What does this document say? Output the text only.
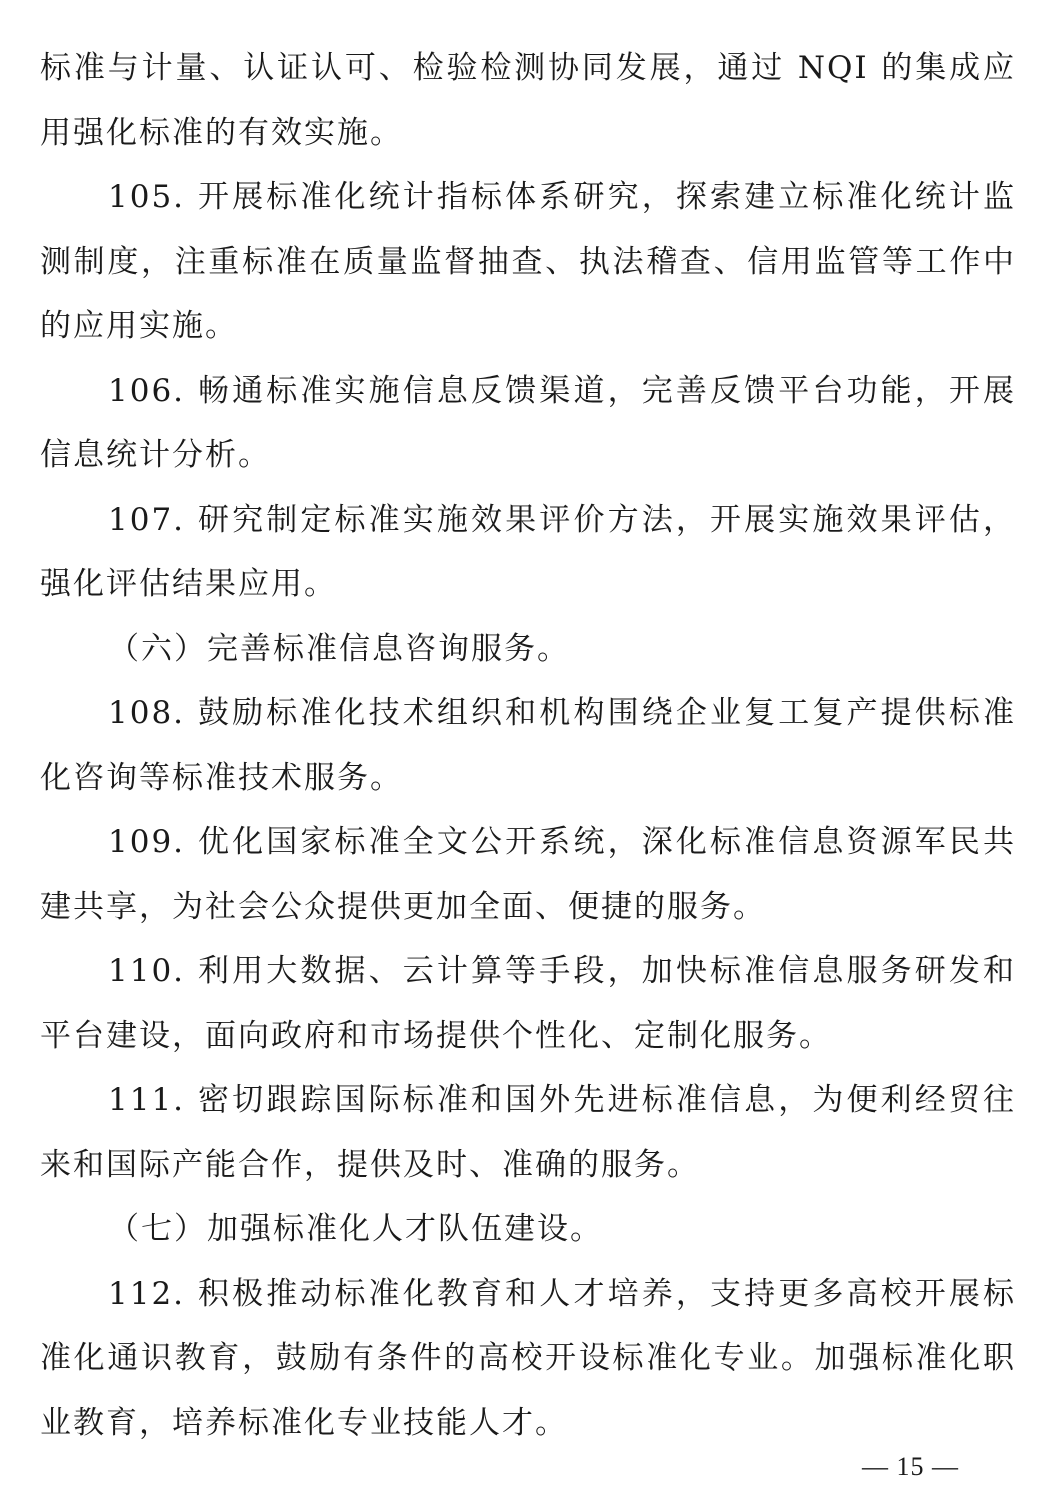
标准与计量、认证认可、检验检测协同发展，通过 NQI 的集成应用强化标准的有效实施。

105. 开展标准化统计指标体系研究，探索建立标准化统计监测制度，注重标准在质量监督抽查、执法稽查、信用监管等工作中的应用实施。

106. 畅通标准实施信息反馈渠道，完善反馈平台功能，开展信息统计分析。

107. 研究制定标准实施效果评价方法，开展实施效果评估，强化评估结果应用。

（六）完善标准信息咨询服务。

108. 鼓励标准化技术组织和机构围绕企业复工复产提供标准化咨询等标准技术服务。

109. 优化国家标准全文公开系统，深化标准信息资源军民共建共享，为社会公众提供更加全面、便捷的服务。

110. 利用大数据、云计算等手段，加快标准信息服务研发和平台建设，面向政府和市场提供个性化、定制化服务。

111. 密切跟踪国际标准和国外先进标准信息，为便利经贸往来和国际产能合作，提供及时、准确的服务。

（七）加强标准化人才队伍建设。

112. 积极推动标准化教育和人才培养，支持更多高校开展标准化通识教育，鼓励有条件的高校开设标准化专业。加强标准化职业教育，培养标准化专业技能人才。

— 15 —
